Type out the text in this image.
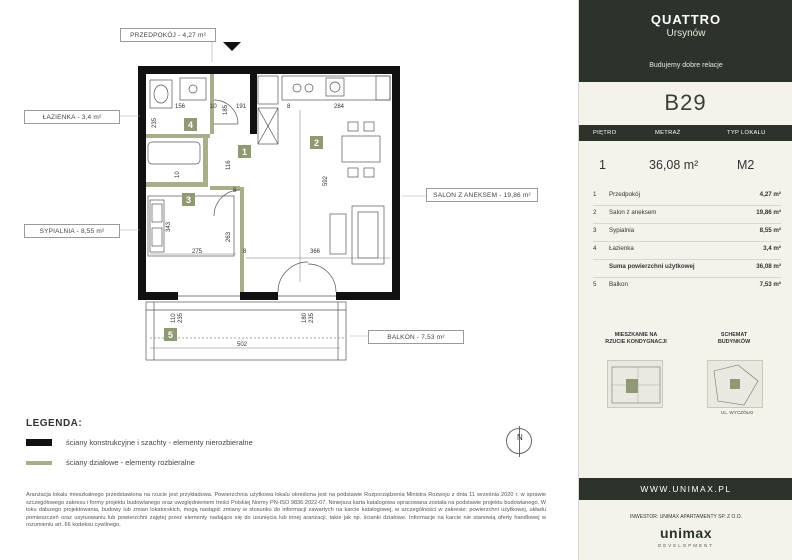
PRZEDPOKÓJ - 4,27 m²
ŁAZIENKA - 3,4 m²
SALON Z ANEKSEM - 19,86 m²
SYPIALNIA - 8,55 m²
BALKON - 7,53 m²
1
2
3
4
5
156	10 185 191	8	284
235
116
10
592
8
343
263
275	8	366
110 235	180 235
502
LEGENDA:
ściany konstrukcyjne i szachty - elementy nierozbieralne
ściany działowe - elementy rozbieralne
N
Aranżacja lokalu mieszkalnego przedstawiona na rzucie jest przykładowa. Powierzchnia użytkowa lokalu określona jest na podstawie Rozporządzenia Ministra Rozwoju z dnia 11 września 2020 r. w sprawie szczegółowego zakresu i formy projektu budowlanego oraz uwzględnieniem treści Polskiej Normy PN-ISO 9836:2022-07. Niniejsza karta katalogowa opracowana została na podstawie projektu budowlanego. W toku dalszego projektowania, budowy lub zmian lokatorskich, mogą nastąpić zmiany w stosunku do informacji zawartych na karcie katalogowej, w szczególności w zakresie: powierzchni użytkowej, układu pomieszczeń oraz usytuowaniu lub powierzchni zajętej przez elementy nadające się do usunięcia lub innej aranżacji, takie jak np. ścianki działowe. Informacje na karcie nie stanowią oferty handlowej w rozumieniu art. 66 kodeksu cywilnego.
QUATTRO
Ursynów
Budujemy dobre relacje
B29
PIĘTRO	METRAŻ	TYP LOKALU
1	36,08 m²	M2
1 Przedpokój	4,27 m²
2 Salon z aneksem	19,86 m²
3 Sypialnia	8,55 m²
4 Łazienka	3,4 m²
Suma powierzchni użytkowej	36,08 m²
5 Balkon	7,53 m²
MIESZKANIE NA
RZUCIE KONDYGNACJI
SCHEMAT
BUDYNKÓW
UL. WYCZÓŁKI
WWW.UNIMAX.PL
INWESTOR: UNIMAX APARTAMENTY SP. Z O.O.
unimax
DEVELOPMENT
